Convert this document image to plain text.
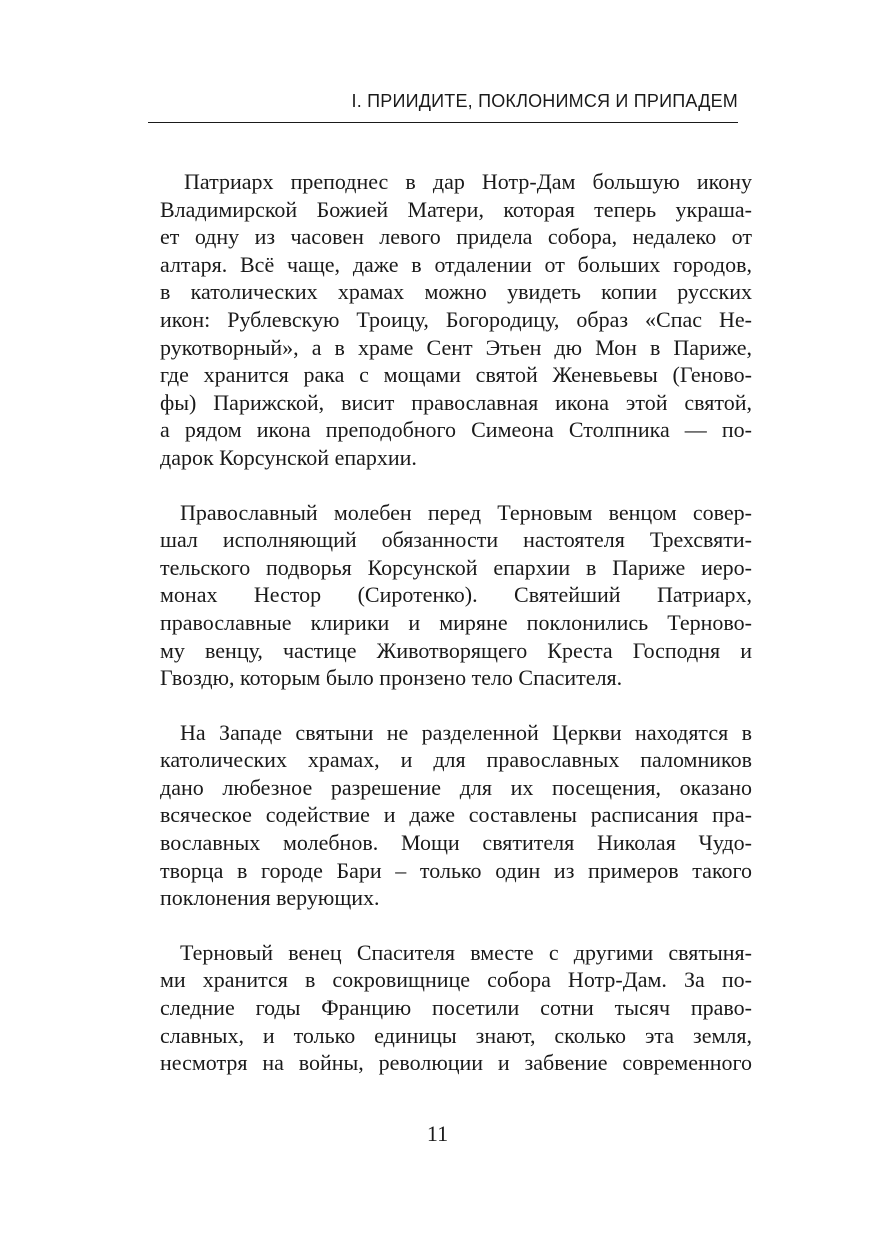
I. ПРИИДИТЕ, ПОКЛОНИМСЯ И ПРИПАДЕМ
Патриарх преподнес в дар Нотр-Дам большую икону
Владимирской Божией Матери, которая теперь украша-
ет одну из часовен левого придела собора, недалеко от
алтаря. Всё чаще, даже в отдалении от больших городов,
в католических храмах можно увидеть копии русских
икон: Рублевскую Троицу, Богородицу, образ «Спас Не-
рукотворный», а в храме Сент Этьен дю Мон в Париже,
где хранится рака с мощами святой Женевьевы (Геново-
фы) Парижской, висит православная икона этой святой,
а рядом икона преподобного Симеона Столпника — по-
дарок Корсунской епархии.
Православный молебен перед Терновым венцом совер-
шал исполняющий обязанности настоятеля Трехсвяти-
тельского подворья Корсунской епархии в Париже иеро-
монах Нестор (Сиротенко). Святейший Патриарх,
православные клирики и миряне поклонились Терново-
му венцу, частице Животворящего Креста Господня и
Гвоздю, которым было пронзено тело Спасителя.
На Западе святыни не разделенной Церкви находятся в
католических храмах, и для православных паломников
дано любезное разрешение для их посещения, оказано
всяческое содействие и даже составлены расписания пра-
вославных молебнов. Мощи святителя Николая Чудо-
творца в городе Бари – только один из примеров такого
поклонения верующих.
Терновый венец Спасителя вместе с другими святыня-
ми хранится в сокровищнице собора Нотр-Дам. За по-
следние годы Францию посетили сотни тысяч право-
славных, и только единицы знают, сколько эта земля,
несмотря на войны, революции и забвение современного
11
